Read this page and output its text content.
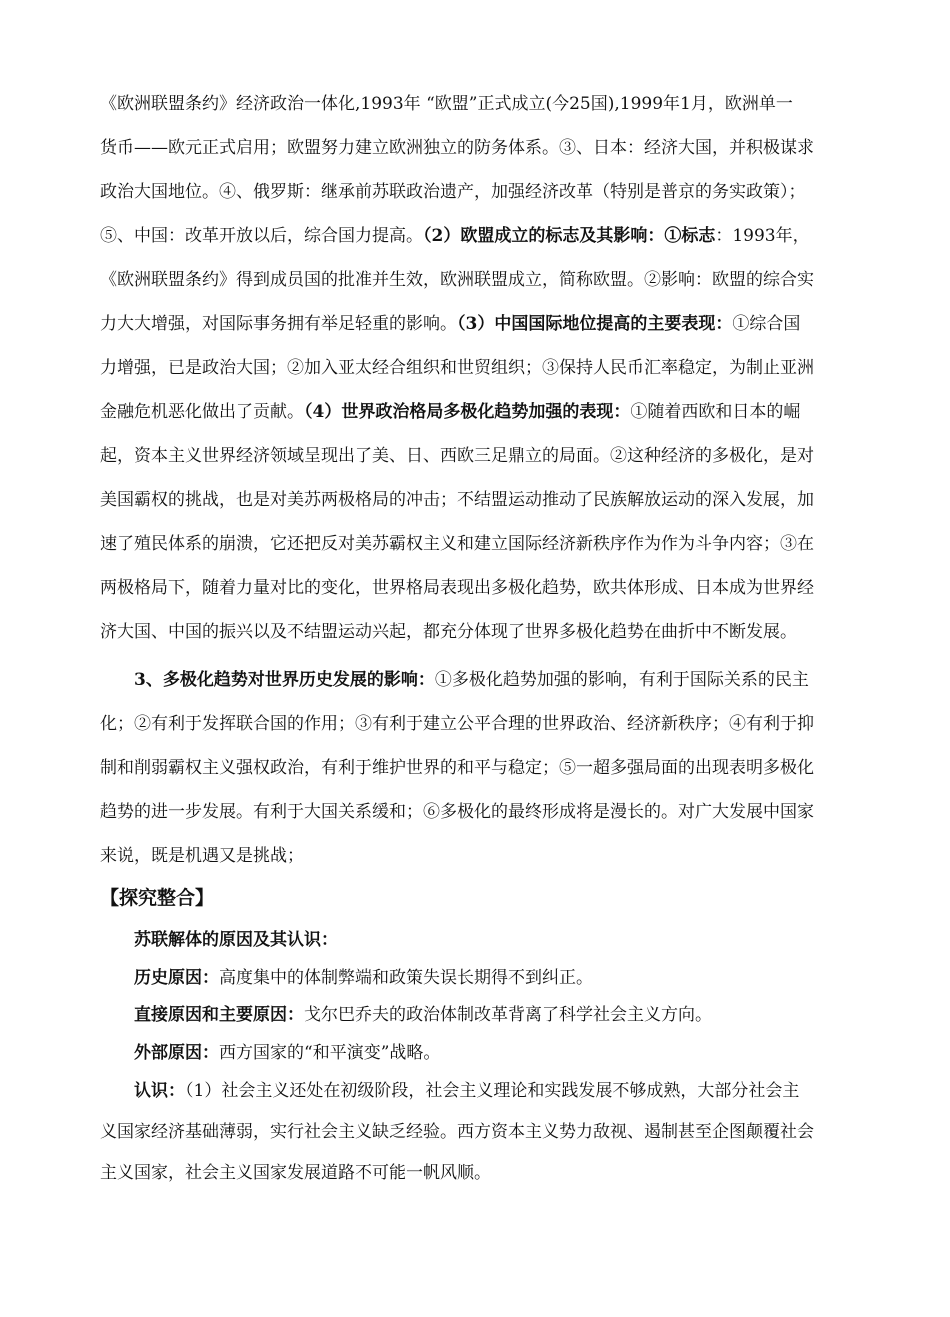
《欧洲联盟条约》经济政治一体化,1993年 “欧盟”正式成立(今25国),1999年1月，欧洲单一
货币——欧元正式启用；欧盟努力建立欧洲独立的防务体系。③、日本：经济大国，并积极谋求
政治大国地位。④、俄罗斯：继承前苏联政治遗产，加强经济改革（特别是普京的务实政策）；
⑤、中国：改革开放以后，综合国力提高。（2）欧盟成立的标志及其影响：①标志：1993年，
《欧洲联盟条约》得到成员国的批准并生效，欧洲联盟成立，简称欧盟。②影响：欧盟的综合实
力大大增强，对国际事务拥有举足轻重的影响。（3）中国国际地位提高的主要表现：①综合国
力增强，已是政治大国；②加入亚太经合组织和世贸组织；③保持人民币汇率稳定，为制止亚洲
金融危机恶化做出了贡献。（4）世界政治格局多极化趋势加强的表现：①随着西欧和日本的崛
起，资本主义世界经济领域呈现出了美、日、西欧三足鼎立的局面。②这种经济的多极化，是对
美国霸权的挑战，也是对美苏两极格局的冲击；不结盟运动推动了民族解放运动的深入发展，加
速了殖民体系的崩溃，它还把反对美苏霸权主义和建立国际经济新秩序作为作为斗争内容；③在
两极格局下，随着力量对比的变化，世界格局表现出多极化趋势，欧共体形成、日本成为世界经
济大国、中国的振兴以及不结盟运动兴起，都充分体现了世界多极化趋势在曲折中不断发展。
3、多极化趋势对世界历史发展的影响：①多极化趋势加强的影响，有利于国际关系的民主
化；②有利于发挥联合国的作用；③有利于建立公平合理的世界政治、经济新秩序；④有利于抑
制和削弱霸权主义强权政治，有利于维护世界的和平与稳定；⑤一超多强局面的出现表明多极化
趋势的进一步发展。有利于大国关系缓和；⑥多极化的最终形成将是漫长的。对广大发展中国家
来说，既是机遇又是挑战；
【探究整合】
苏联解体的原因及其认识：
历史原因：高度集中的体制弊端和政策失误长期得不到纠正。
直接原因和主要原因：戈尔巴乔夫的政治体制改革背离了科学社会主义方向。
外部原因：西方国家的“和平演变”战略。
认识：（1）社会主义还处在初级阶段，社会主义理论和实践发展不够成熟，大部分社会主
义国家经济基础薄弱，实行社会主义缺乏经验。西方资本主义势力敌视、遏制甚至企图颠覆社会
主义国家，社会主义国家发展道路不可能一帆风顺。
